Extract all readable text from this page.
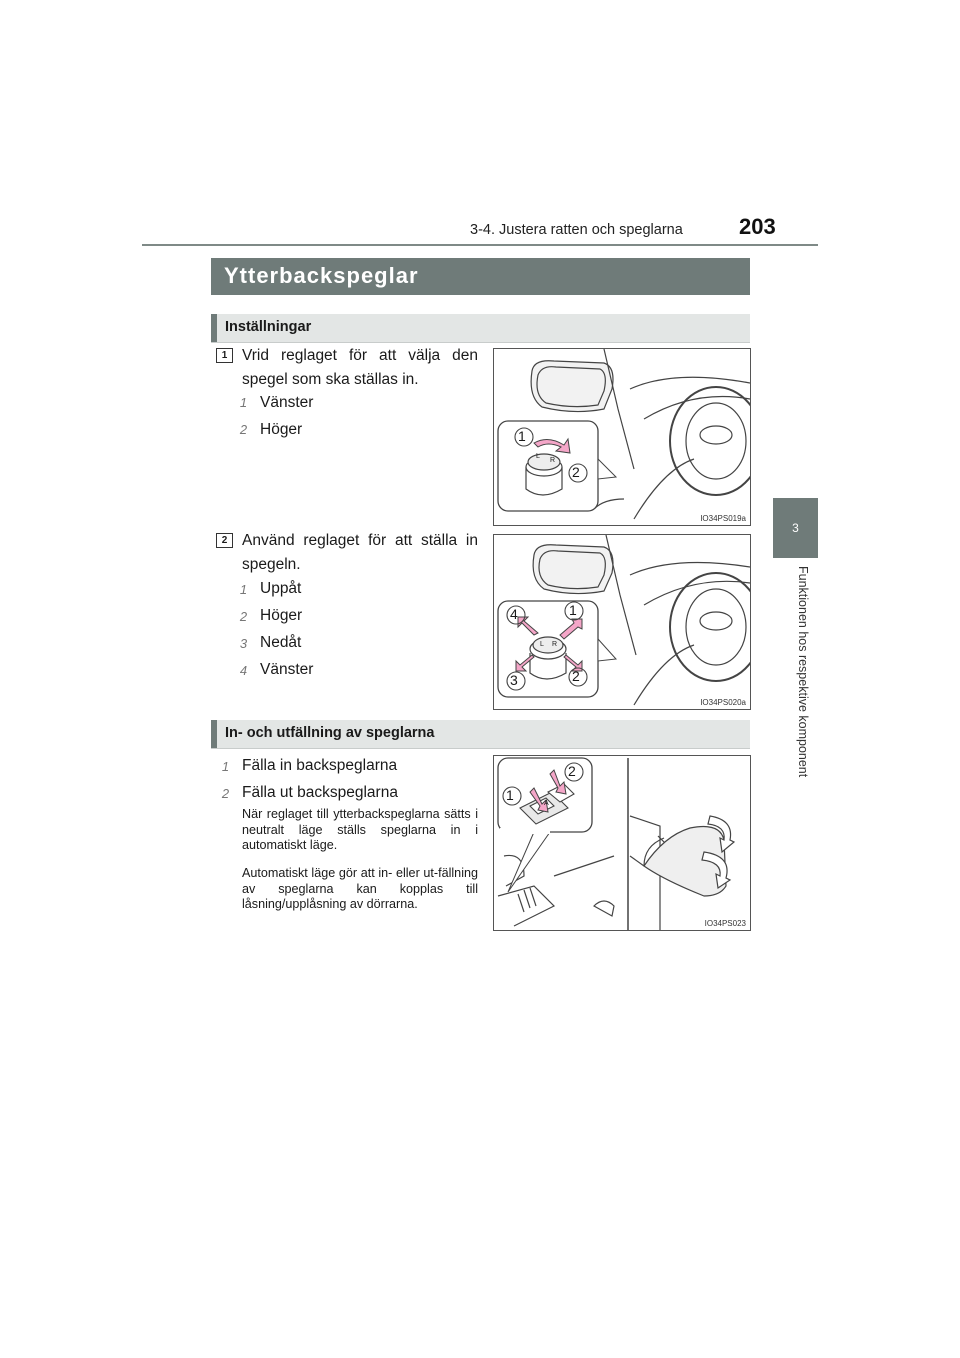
3-4. Justera ratten och speglarna	203
3
Funktionen hos respektive komponent
Ytterbackspeglar
Inställningar
1 Vrid reglaget för att välja den spegel som ska ställas in.
1 Vänster
2 Höger	1
2
L
R
IO34PS019a
2 Använd reglaget för att ställa in spegeln.
1 Uppåt
2 Höger
3 Nedåt
4 Vänster
4	1
3	2
L R
IO34PS020a
In- och utfällning av speglarna
1 Fälla in backspeglarna
2 Fälla ut backspeglarna
När reglaget till ytterbackspeglarna sätts i neutralt läge ställs speglarna in i automatiskt läge.
Automatiskt läge gör att in- eller ut-fällning av speglarna kan kopplas till låsning/upplåsning av dörrarna.
1
2
A
IO34PS023
